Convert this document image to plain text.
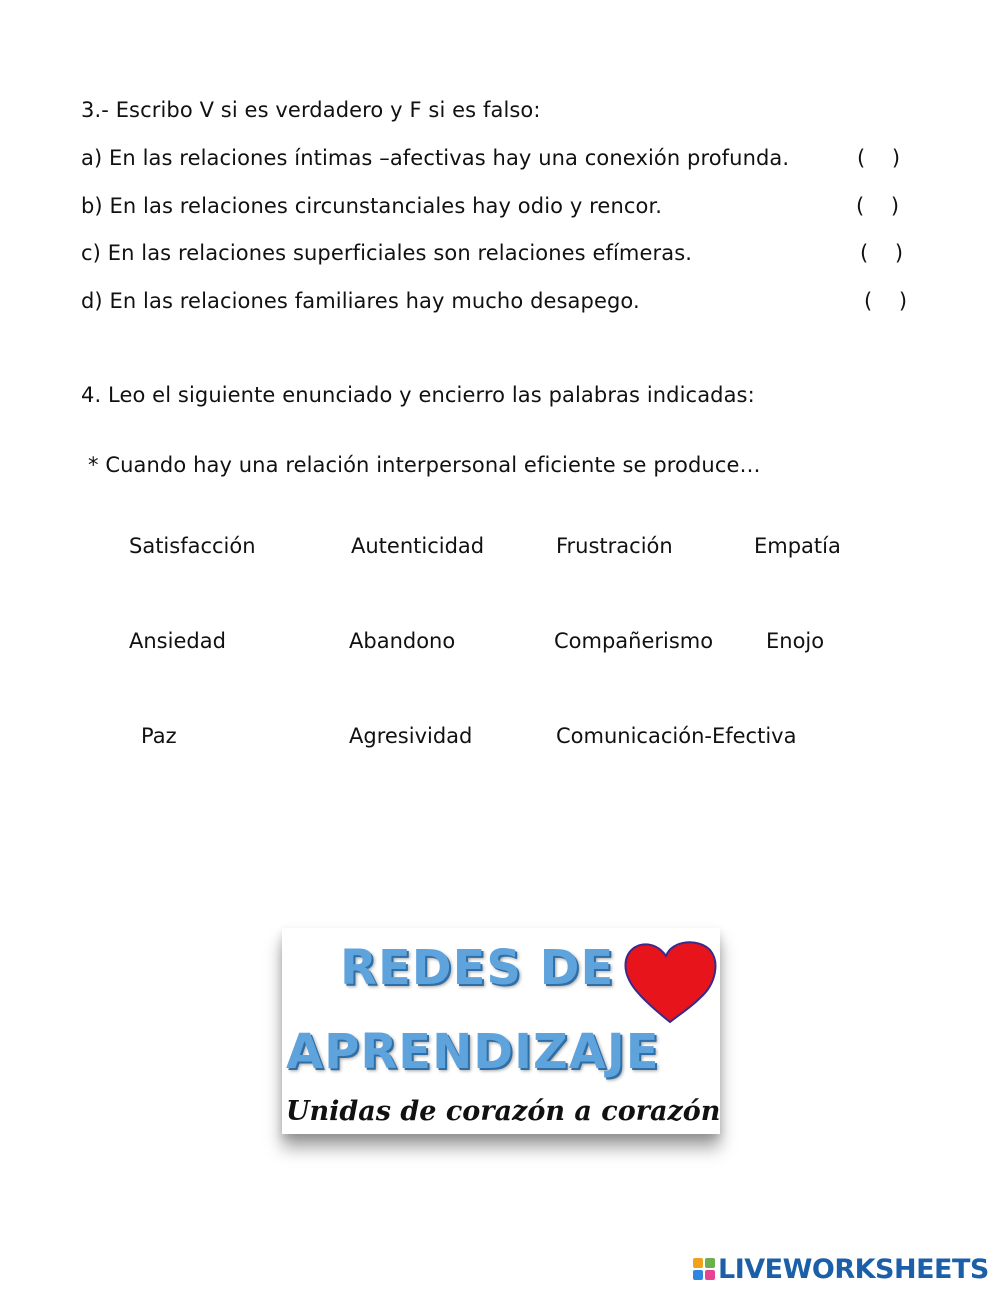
3.- Escribo V si es verdadero y F si es falso:
a) En las relaciones íntimas –afectivas hay una conexión profunda.	(    )
b) En las relaciones circunstanciales hay odio y rencor.	(    )
c) En las relaciones superficiales son relaciones efímeras.	(    )
d) En las relaciones familiares hay mucho desapego.	(    )
4. Leo el siguiente enunciado y encierro las palabras indicadas:
* Cuando hay una relación interpersonal eficiente se produce…
Satisfacción	Autenticidad	Frustración	Empatía
Ansiedad	Abandono	Compañerismo	Enojo
Paz	Agresividad	Comunicación-Efectiva
REDES DE
APRENDIZAJE
Unidas de corazón a corazón
LIVEWORKSHEETS
